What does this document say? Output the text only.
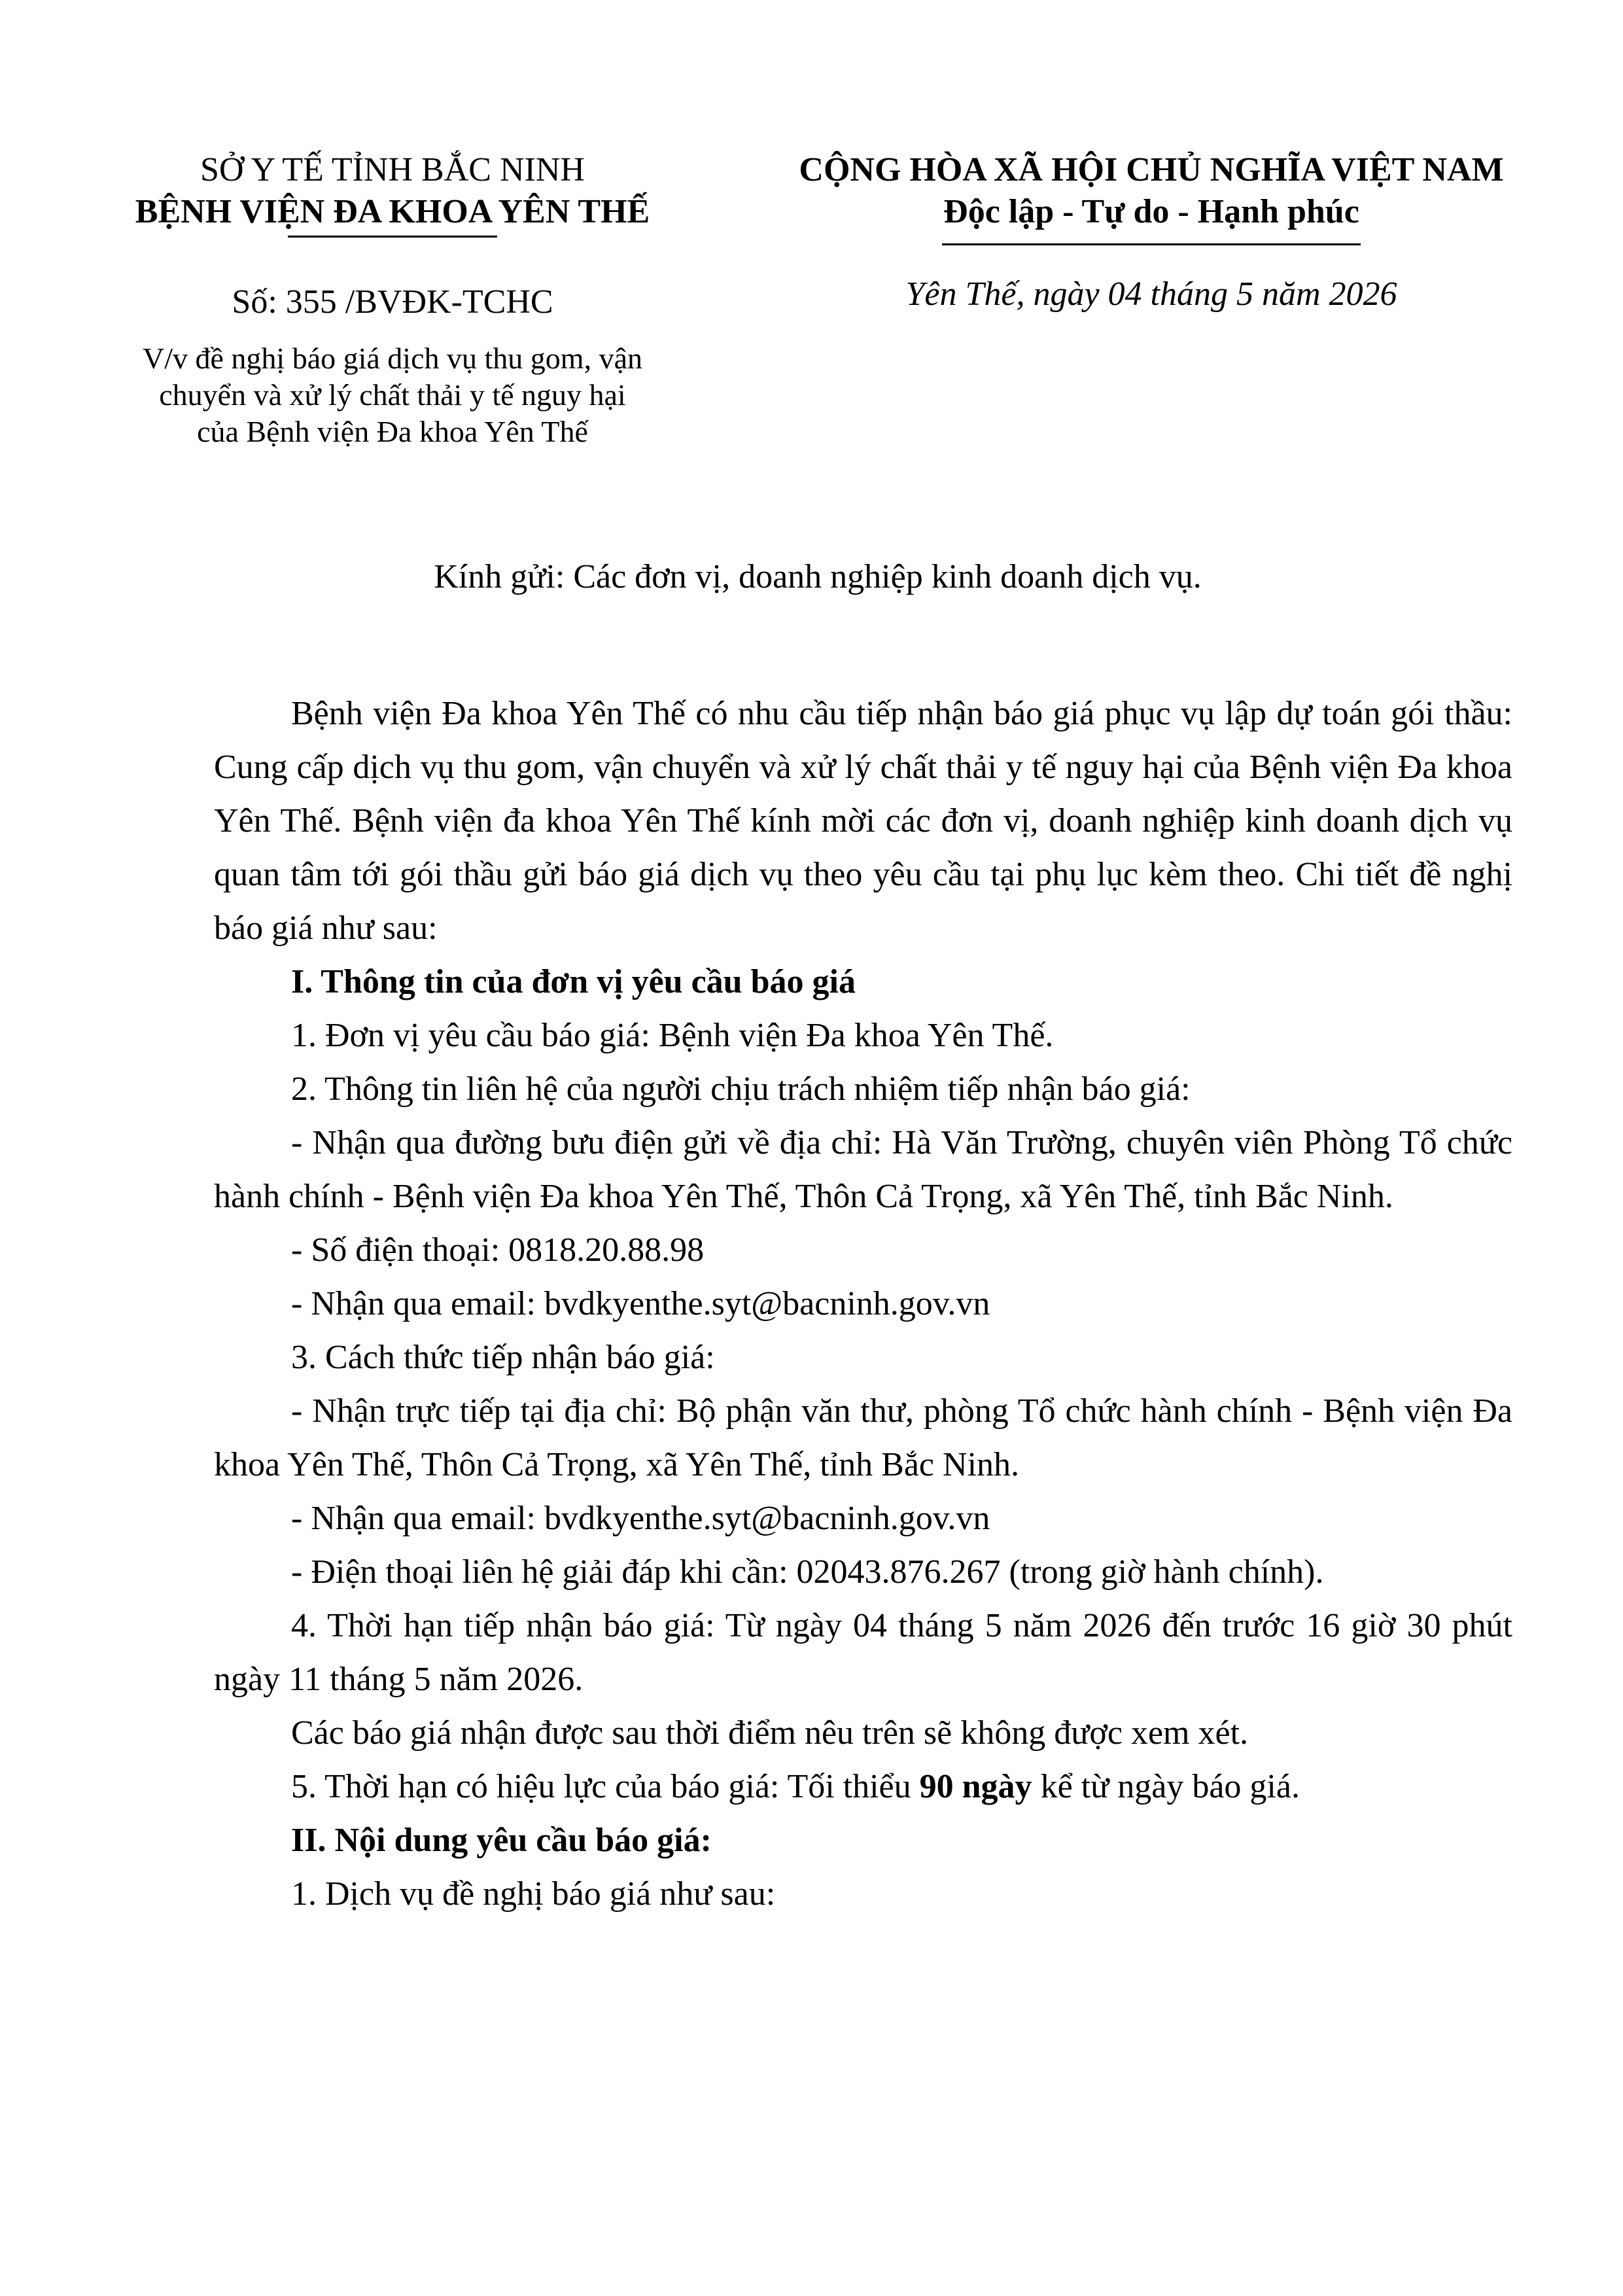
SỞ Y TẾ TỈNH BẮC NINH
BỆNH VIỆN ĐA KHOA YÊN THẾ
CỘNG HÒA XÃ HỘI CHỦ NGHĨA VIỆT NAM
Độc lập - Tự do - Hạnh phúc
Số: 355 /BVĐK-TCHC	Yên Thế, ngày 04 tháng 5 năm 2026
V/v đề nghị báo giá dịch vụ thu gom, vận
chuyển và xử lý chất thải y tế nguy hại
của Bệnh viện Đa khoa Yên Thế
Kính gửi: Các đơn vị, doanh nghiệp kinh doanh dịch vụ.

Bệnh viện Đa khoa Yên Thế có nhu cầu tiếp nhận báo giá phục vụ lập dự toán gói thầu: Cung cấp dịch vụ thu gom, vận chuyển và xử lý chất thải y tế nguy hại của Bệnh viện Đa khoa Yên Thế. Bệnh viện đa khoa Yên Thế kính mời các đơn vị, doanh nghiệp kinh doanh dịch vụ quan tâm tới gói thầu gửi báo giá dịch vụ theo yêu cầu tại phụ lục kèm theo. Chi tiết đề nghị báo giá như sau:

I. Thông tin của đơn vị yêu cầu báo giá

1. Đơn vị yêu cầu báo giá: Bệnh viện Đa khoa Yên Thế.

2. Thông tin liên hệ của người chịu trách nhiệm tiếp nhận báo giá:

- Nhận qua đường bưu điện gửi về địa chỉ: Hà Văn Trường, chuyên viên Phòng Tổ chức hành chính - Bệnh viện Đa khoa Yên Thế, Thôn Cả Trọng, xã Yên Thế, tỉnh Bắc Ninh.

- Số điện thoại: 0818.20.88.98

- Nhận qua email: bvdkyenthe.syt@bacninh.gov.vn

3. Cách thức tiếp nhận báo giá:

- Nhận trực tiếp tại địa chỉ: Bộ phận văn thư, phòng Tổ chức hành chính - Bệnh viện Đa khoa Yên Thế, Thôn Cả Trọng, xã Yên Thế, tỉnh Bắc Ninh.

- Nhận qua email: bvdkyenthe.syt@bacninh.gov.vn

- Điện thoại liên hệ giải đáp khi cần: 02043.876.267 (trong giờ hành chính).

4. Thời hạn tiếp nhận báo giá: Từ ngày 04 tháng 5 năm 2026 đến trước 16 giờ 30 phút ngày 11 tháng 5 năm 2026.

Các báo giá nhận được sau thời điểm nêu trên sẽ không được xem xét.

5. Thời hạn có hiệu lực của báo giá: Tối thiểu 90 ngày kể từ ngày báo giá.

II. Nội dung yêu cầu báo giá:

1. Dịch vụ đề nghị báo giá như sau:
